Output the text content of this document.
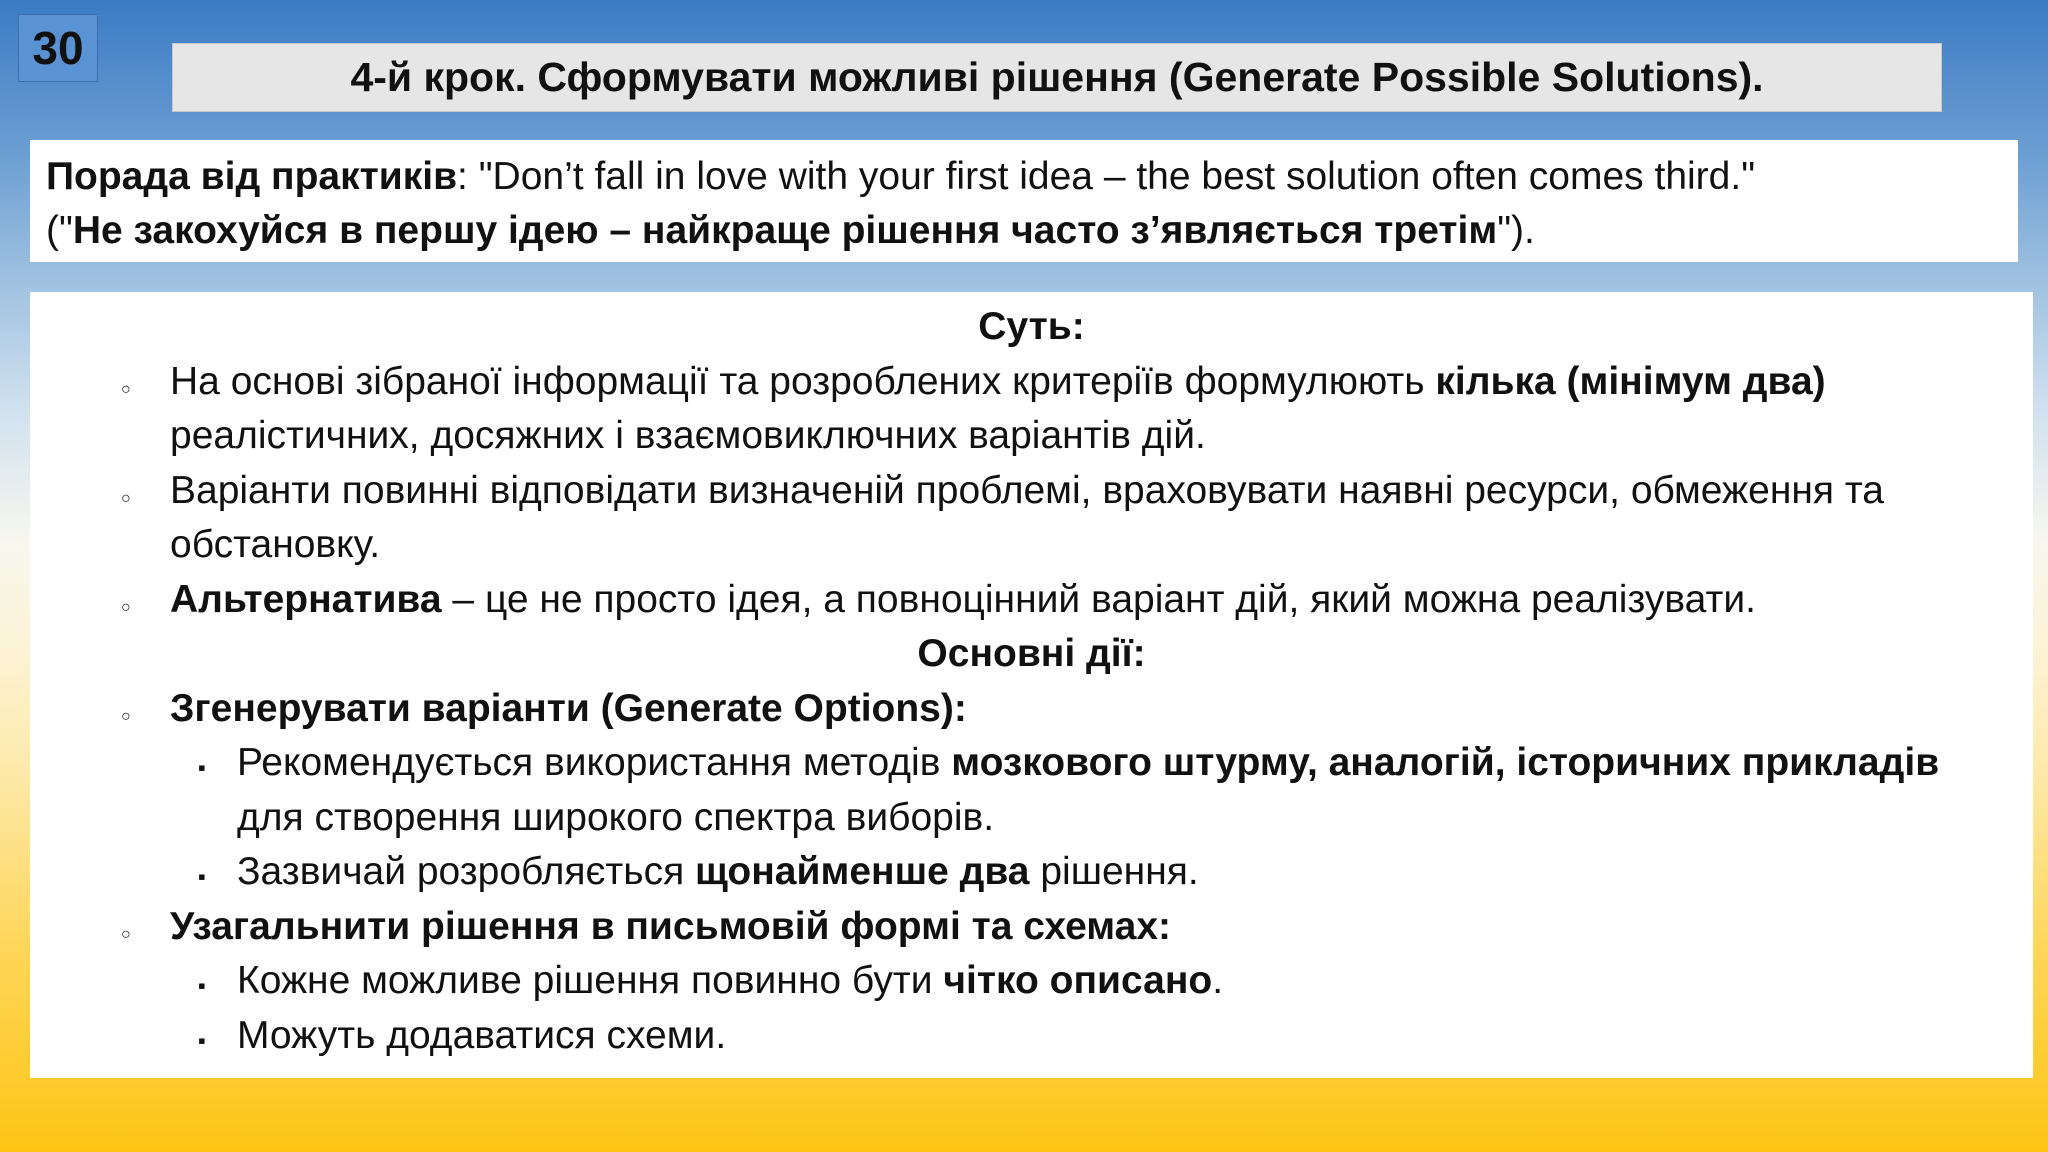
30
4-й крок. Сформувати можливі рішення (Generate Possible Solutions).
Порада від практиків: "Don’t fall in love with your first idea – the best solution often comes third."
("Не закохуйся в першу ідею – найкраще рішення часто з’являється третім").
Суть:
○ На основі зібраної інформації та розроблених критеріїв формулюють кілька (мінімум два) реалістичних, досяжних і взаємовиключних варіантів дій.
○ Варіанти повинні відповідати визначеній проблемі, враховувати наявні ресурси, обмеження та обстановку.
○ Альтернатива – це не просто ідея, а повноцінний варіант дій, який можна реалізувати.
Основні дії:
○ Згенерувати варіанти (Generate Options):
▪ Рекомендується використання методів мозкового штурму, аналогій, історичних прикладів для створення широкого спектра виборів.
▪ Зазвичай розробляється щонайменше два рішення.
○ Узагальнити рішення в письмовій формі та схемах:
▪ Кожне можливе рішення повинно бути чітко описано.
▪ Можуть додаватися схеми.
